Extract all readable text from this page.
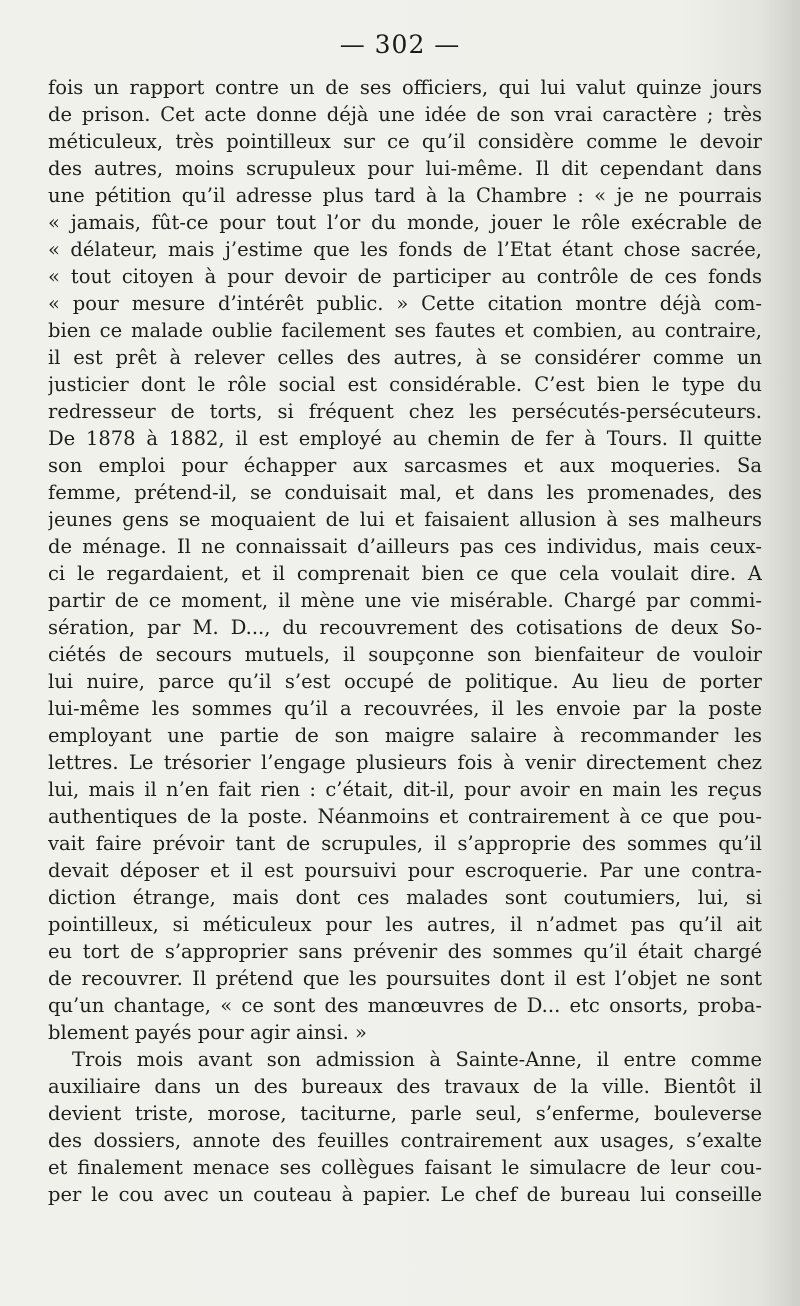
— 302 —
fois un rapport contre un de ses officiers, qui lui valut quinze jours
de prison. Cet acte donne déjà une idée de son vrai caractère ; très
méticuleux, très pointilleux sur ce qu’il considère comme le devoir
des autres, moins scrupuleux pour lui-même. Il dit cependant dans
une pétition qu’il adresse plus tard à la Chambre : « je ne pourrais
« jamais, fût-ce pour tout l’or du monde, jouer le rôle exécrable de
« délateur, mais j’estime que les fonds de l’Etat étant chose sacrée,
« tout citoyen à pour devoir de participer au contrôle de ces fonds
« pour mesure d’intérêt public. » Cette citation montre déjà com-
bien ce malade oublie facilement ses fautes et combien, au contraire,
il est prêt à relever celles des autres, à se considérer comme un
justicier dont le rôle social est considérable. C’est bien le type du
redresseur de torts, si fréquent chez les persécutés-persécuteurs.
De 1878 à 1882, il est employé au chemin de fer à Tours. Il quitte
son emploi pour échapper aux sarcasmes et aux moqueries. Sa
femme, prétend-il, se conduisait mal, et dans les promenades, des
jeunes gens se moquaient de lui et faisaient allusion à ses malheurs
de ménage. Il ne connaissait d’ailleurs pas ces individus, mais ceux-
ci le regardaient, et il comprenait bien ce que cela voulait dire. A
partir de ce moment, il mène une vie misérable. Chargé par commi-
sération, par M. D..., du recouvrement des cotisations de deux So-
ciétés de secours mutuels, il soupçonne son bienfaiteur de vouloir
lui nuire, parce qu’il s’est occupé de politique. Au lieu de porter
lui-même les sommes qu’il a recouvrées, il les envoie par la poste
employant une partie de son maigre salaire à recommander les
lettres. Le trésorier l’engage plusieurs fois à venir directement chez
lui, mais il n’en fait rien : c’était, dit-il, pour avoir en main les reçus
authentiques de la poste. Néanmoins et contrairement à ce que pou-
vait faire prévoir tant de scrupules, il s’approprie des sommes qu’il
devait déposer et il est poursuivi pour escroquerie. Par une contra-
diction étrange, mais dont ces malades sont coutumiers, lui, si
pointilleux, si méticuleux pour les autres, il n’admet pas qu’il ait
eu tort de s’approprier sans prévenir des sommes qu’il était chargé
de recouvrer. Il prétend que les poursuites dont il est l’objet ne sont
qu’un chantage, « ce sont des manœuvres de D... etc onsorts, proba-
blement payés pour agir ainsi. »
Trois mois avant son admission à Sainte-Anne, il entre comme
auxiliaire dans un des bureaux des travaux de la ville. Bientôt il
devient triste, morose, taciturne, parle seul, s’enferme, bouleverse
des dossiers, annote des feuilles contrairement aux usages, s’exalte
et finalement menace ses collègues faisant le simulacre de leur cou-
per le cou avec un couteau à papier. Le chef de bureau lui conseille
